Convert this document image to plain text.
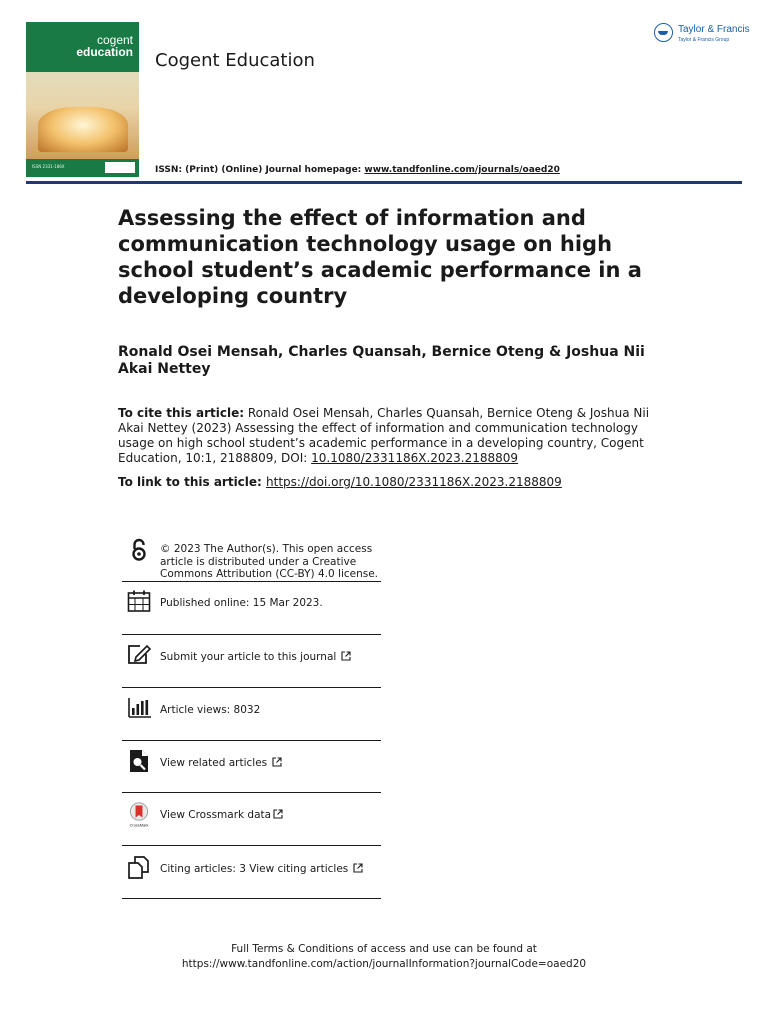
cogent
education
ISSN 2331-186X
Cogent Education
ISSN: (Print) (Online) Journal homepage: www.tandfonline.com/journals/oaed20
Taylor & Francis
Taylor & Francis Group
Assessing the effect of information and communication technology usage on high school student’s academic performance in a developing country
Ronald Osei Mensah, Charles Quansah, Bernice Oteng & Joshua Nii Akai Nettey
To cite this article: Ronald Osei Mensah, Charles Quansah, Bernice Oteng & Joshua Nii Akai Nettey (2023) Assessing the effect of information and communication technology usage on high school student’s academic performance in a developing country, Cogent Education, 10:1, 2188809, DOI: 10.1080/2331186X.2023.2188809
To link to this article: https://doi.org/10.1080/2331186X.2023.2188809
© 2023 The Author(s). This open access article is distributed under a Creative Commons Attribution (CC-BY) 4.0 license.
Published online: 15 Mar 2023.
Submit your article to this journal
Article views: 8032
View related articles
CrossMark
View Crossmark data
Citing articles: 3 View citing articles
Full Terms & Conditions of access and use can be found at
https://www.tandfonline.com/action/journalInformation?journalCode=oaed20
